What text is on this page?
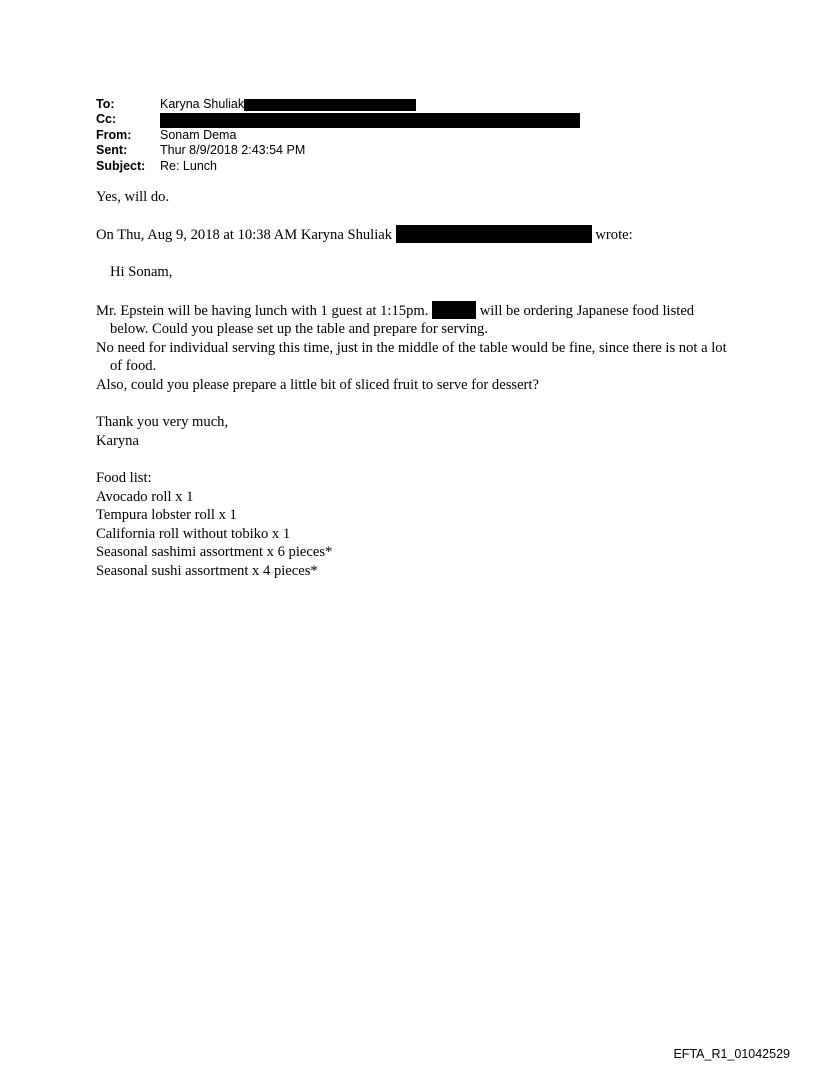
To:	Karyna Shuliak
Cc:
From:	Sonam Dema
Sent:	Thur 8/9/2018 2:43:54 PM
Subject:	Re: Lunch

Yes, will do.

On Thu, Aug 9, 2018 at 10:38 AM Karyna Shuliak	wrote:

Hi Sonam,

Mr. Epstein will be having lunch with 1 guest at 1:15pm.	will be ordering Japanese food listed below. Could you please set up the table and prepare for serving.

No need for individual serving this time, just in the middle of the table would be fine, since there is not a lot of food.

Also, could you please prepare a little bit of sliced fruit to serve for dessert?

Thank you very much,

Karyna

Food list:

Avocado roll x 1

Tempura lobster roll x 1

California roll without tobiko x 1

Seasonal sashimi assortment x 6 pieces*

Seasonal sushi assortment x 4 pieces*

EFTA_R1_01042529
